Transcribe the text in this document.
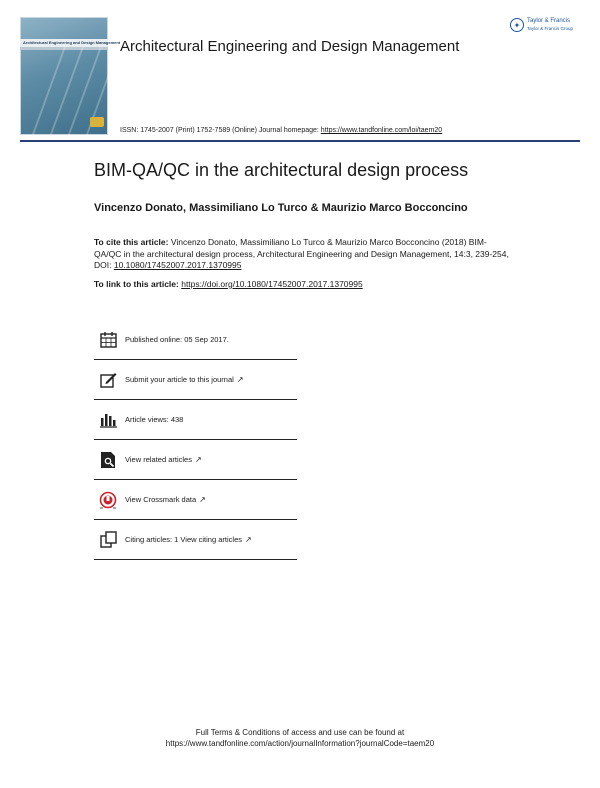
Architectural Engineering and Design Management Architectural Engineering and Design Management
✦	Taylor & Francis
Taylor & Francis Group
ISSN: 1745-2007 (Print) 1752-7589 (Online) Journal homepage: https://www.tandfonline.com/loi/taem20
BIM-QA/QC in the architectural design process
Vincenzo Donato, Massimiliano Lo Turco & Maurizio Marco Bocconcino
To cite this article: Vincenzo Donato, Massimiliano Lo Turco & Maurizio Marco Bocconcino (2018) BIM-QA/QC in the architectural design process, Architectural Engineering and Design Management, 14:3, 239-254, DOI: 10.1080/17452007.2017.1370995
To link to this article: https://doi.org/10.1080/17452007.2017.1370995
Published online: 05 Sep 2017.
Submit your article to this journal ↗
Article views: 438
View related articles ↗
View Crossmark data ↗
Citing articles: 1 View citing articles ↗
Full Terms & Conditions of access and use can be found at
https://www.tandfonline.com/action/journalInformation?journalCode=taem20
